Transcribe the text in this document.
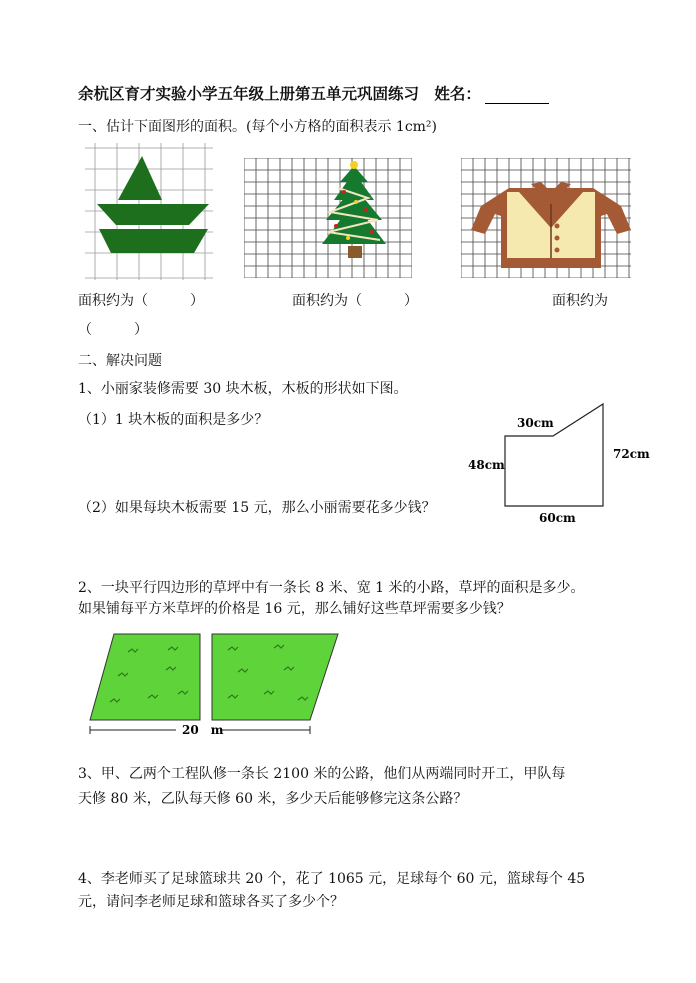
余杭区育才实验小学五年级上册第五单元巩固练习 姓名：
一、估计下面图形的面积。(每个小方格的面积表示 1cm²)
面积约为（　　　）	面积约为（　　　）	面积约为
（　　　）
二、解决问题
1、小丽家装修需要 30 块木板，木板的形状如下图。
（1）1 块木板的面积是多少？
（2）如果每块木板需要 15 元，那么小丽需要花多少钱？
30cm
48cm
72cm
60cm
2、一块平行四边形的草坪中有一条长 8 米、宽 1 米的小路，草坪的面积是多少。
如果铺每平方米草坪的价格是 16 元，那么铺好这些草坪需要多少钱？
20　m
3、甲、乙两个工程队修一条长 2100 米的公路，他们从两端同时开工，甲队每
天修 80 米，乙队每天修 60 米，多少天后能够修完这条公路？
4、李老师买了足球篮球共 20 个，花了 1065 元，足球每个 60 元，篮球每个 45
元，请问李老师足球和篮球各买了多少个？
